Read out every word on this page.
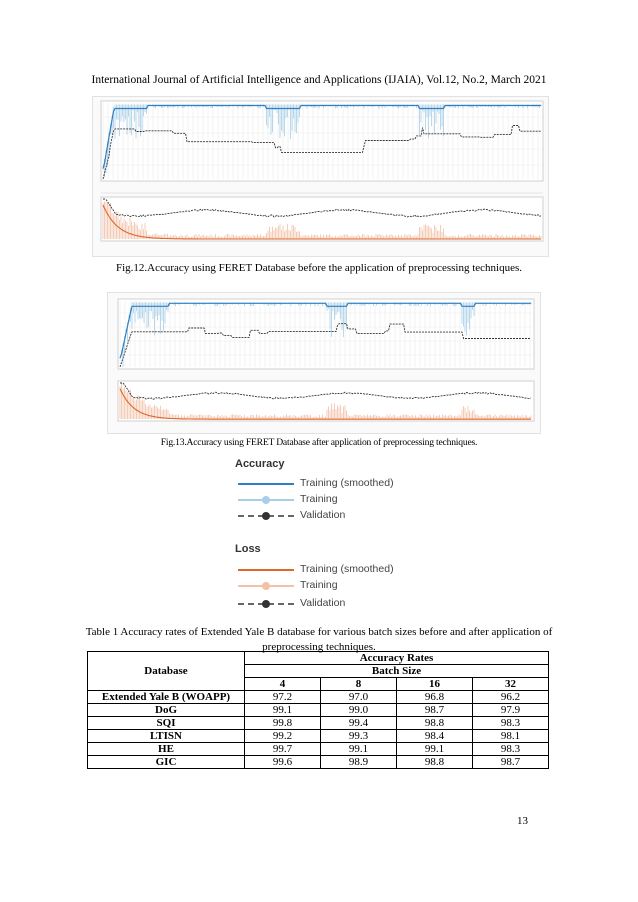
International Journal of Artificial Intelligence and Applications (IJAIA), Vol.12, No.2, March 2021
Fig.12.Accuracy using FERET Database before the application of preprocessing techniques.
Fig.13.Accuracy using FERET Database after application of preprocessing techniques.
Accuracy
Training (smoothed)
Training
Validation
Loss
Training (smoothed)
Training
Validation
Table 1 Accuracy rates of Extended Yale B database for various batch sizes before and after application of preprocessing techniques.
Database	Accuracy Rates			
	Batch Size			
	4	8	16	32
Extended Yale B (WOAPP)	97.2	97.0	96.8	96.2
DoG	99.1	99.0	98.7	97.9
SQI	99.8	99.4	98.8	98.3
LTISN	99.2	99.3	98.4	98.1
HE	99.7	99.1	99.1	98.3
GIC	99.6	98.9	98.8	98.7
13
